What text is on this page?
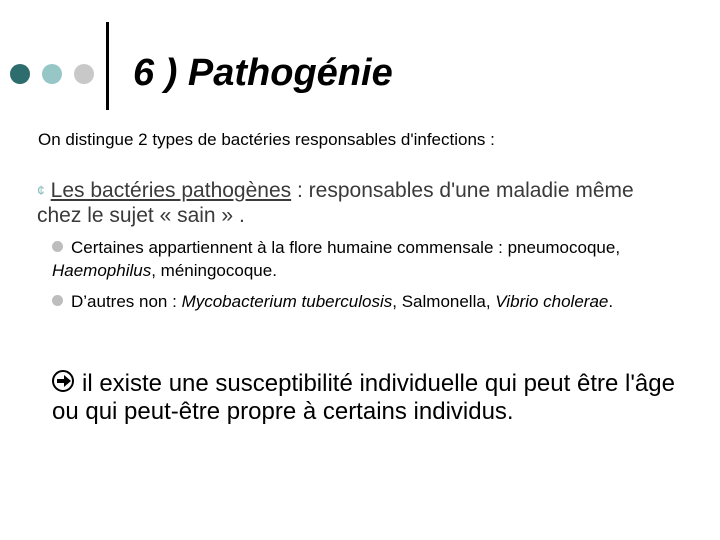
6 ) Pathogénie
On distingue 2 types de bactéries responsables d'infections :
¢ Les bactéries pathogènes : responsables d'une maladie même chez le sujet « sain » .
Certaines appartiennent à la flore humaine commensale : pneumocoque, Haemophilus, méningocoque.
D’autres non : Mycobacterium tuberculosis, Salmonella, Vibrio cholerae.
il existe une susceptibilité individuelle qui peut être l'âge ou qui peut-être propre à certains individus.
